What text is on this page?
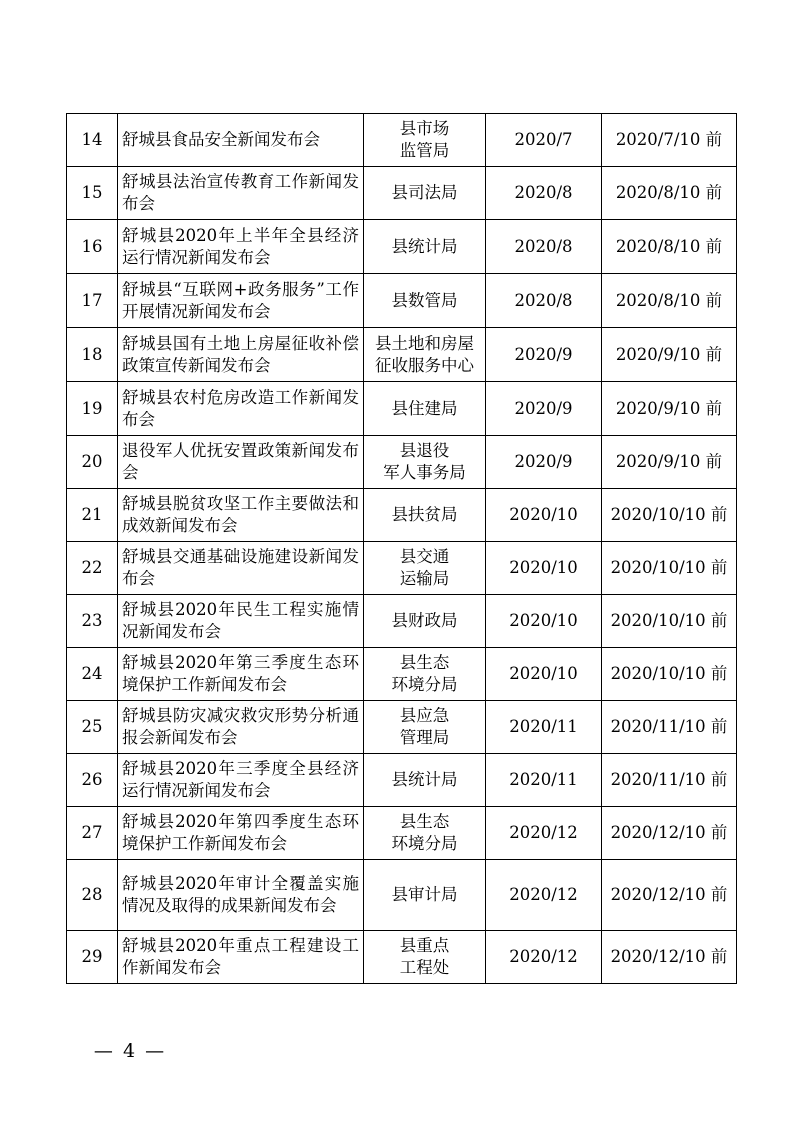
14	舒城县食品安全新闻发布会	县市场
监管局	2020/7	2020/7/10 前
15	舒城县法治宣传教育工作新闻发布会	县司法局	2020/8	2020/8/10 前
16	舒城县2020年上半年全县经济运行情况新闻发布会	县统计局	2020/8	2020/8/10 前
17	舒城县“互联网+政务服务”工作开展情况新闻发布会	县数管局	2020/8	2020/8/10 前
18	舒城县国有土地上房屋征收补偿政策宣传新闻发布会	县土地和房屋
征收服务中心	2020/9	2020/9/10 前
19	舒城县农村危房改造工作新闻发布会	县住建局	2020/9	2020/9/10 前
20	退役军人优抚安置政策新闻发布会	县退役
军人事务局	2020/9	2020/9/10 前
21	舒城县脱贫攻坚工作主要做法和成效新闻发布会	县扶贫局	2020/10	2020/10/10 前
22	舒城县交通基础设施建设新闻发布会	县交通
运输局	2020/10	2020/10/10 前
23	舒城县2020年民生工程实施情况新闻发布会	县财政局	2020/10	2020/10/10 前
24	舒城县2020年第三季度生态环境保护工作新闻发布会	县生态
环境分局	2020/10	2020/10/10 前
25	舒城县防灾减灾救灾形势分析通报会新闻发布会	县应急
管理局	2020/11	2020/11/10 前
26	舒城县2020年三季度全县经济运行情况新闻发布会	县统计局	2020/11	2020/11/10 前
27	舒城县2020年第四季度生态环境保护工作新闻发布会	县生态
环境分局	2020/12	2020/12/10 前
28	舒城县2020年审计全覆盖实施情况及取得的成果新闻发布会	县审计局	2020/12	2020/12/10 前
29	舒城县2020年重点工程建设工作新闻发布会	县重点
工程处	2020/12	2020/12/10 前
— 4 —
